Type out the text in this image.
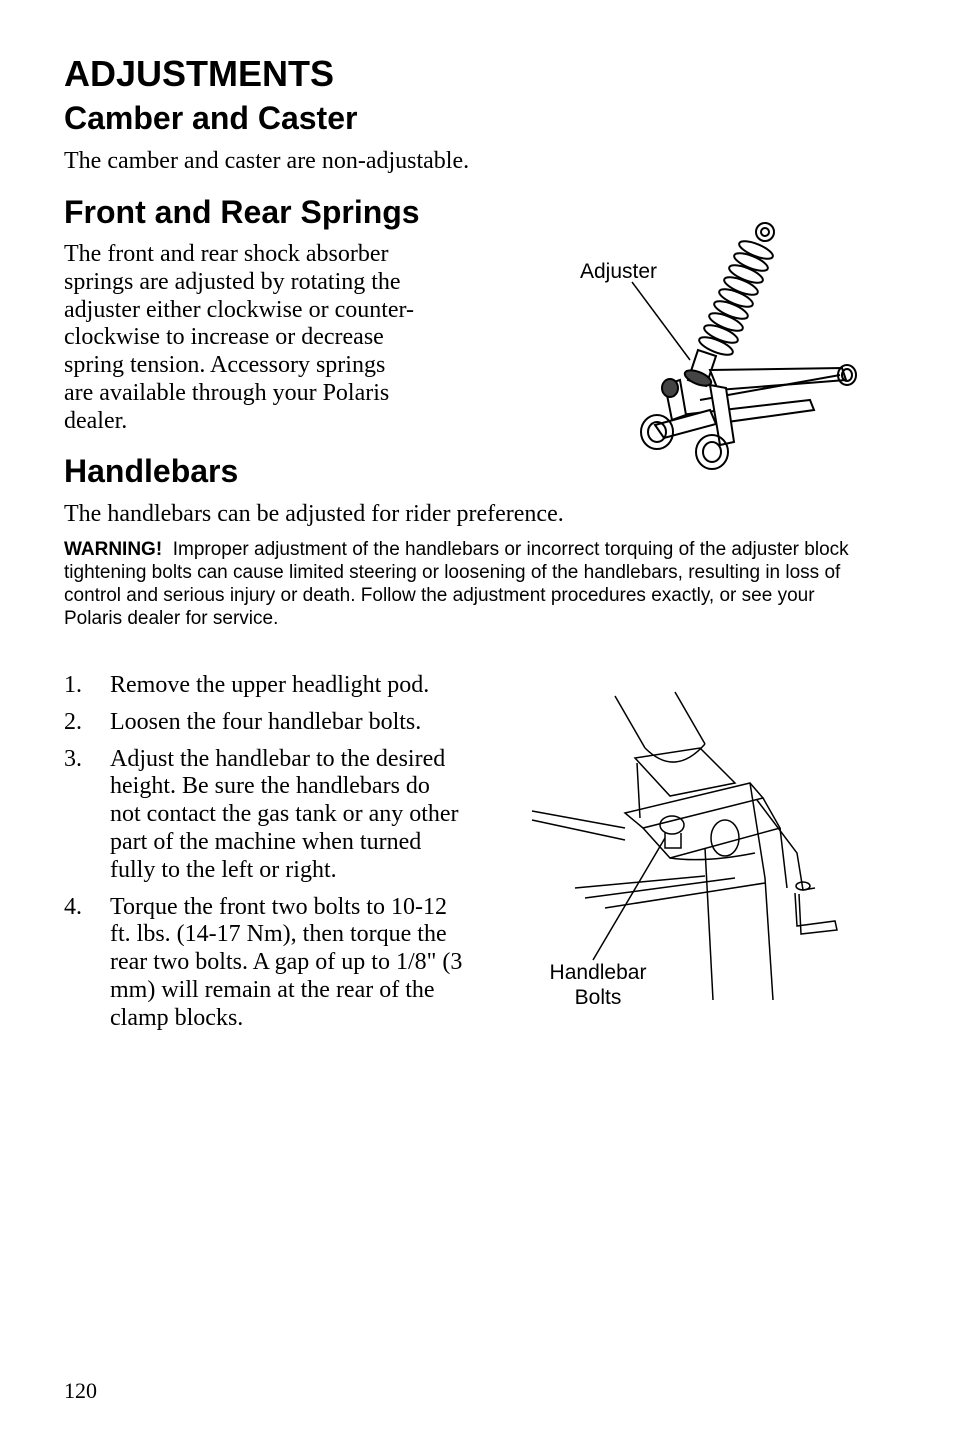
ADJUSTMENTS
Camber and Caster

The camber and caster are non-adjustable.

Front and Rear Springs
The front and rear shock absorber
springs are adjusted by rotating the
adjuster either clockwise or counter-
clockwise to increase or decrease
spring tension. Accessory springs
are available through your Polaris
dealer.
Adjuster
Handlebars

The handlebars can be adjusted for rider preference.

WARNING! Improper adjustment of the handlebars or incorrect torquing of the adjuster block tightening bolts can cause limited steering or loosening of the handlebars, resulting in loss of control and serious injury or death. Follow the adjustment procedures exactly, or see your Polaris dealer for service.

1. Remove the upper headlight pod.
2. Loosen the four handlebar bolts.
3. Adjust the handlebar to the desired height. Be sure the handlebars do not contact the gas tank or any other part of the machine when turned fully to the left or right.
4. Torque the front two bolts to 10-12 ft. lbs. (14-17 Nm), then torque the rear two bolts. A gap of up to 1/8" (3 mm) will remain at the rear of the clamp blocks.
Handlebar
Bolts
120
